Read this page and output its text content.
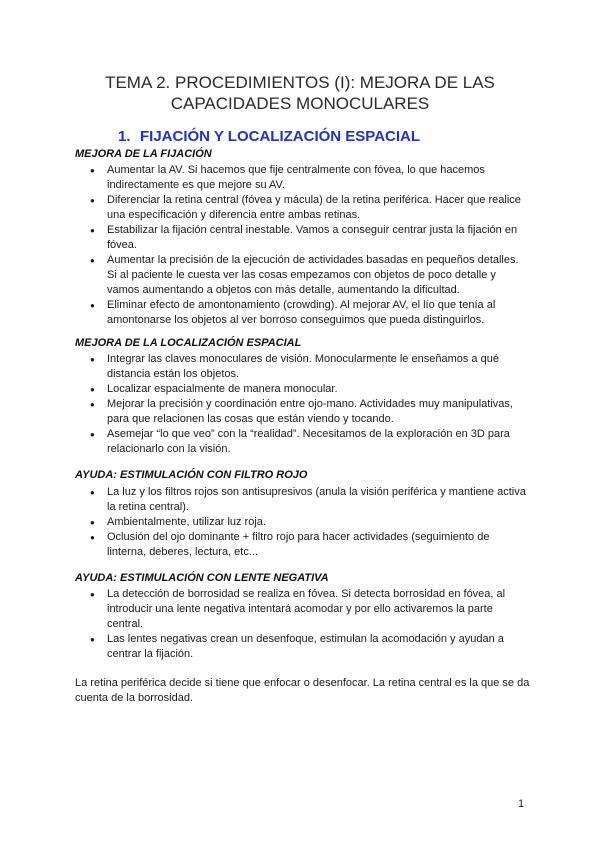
TEMA 2. PROCEDIMIENTOS (I): MEJORA DE LAS
CAPACIDADES MONOCULARES
1. FIJACIÓN Y LOCALIZACIÓN ESPACIAL
MEJORA DE LA FIJACIÓN
● Aumentar la AV. Si hacemos que fije centralmente con fóvea, lo que hacemos indirectamente es que mejore su AV.
● Diferenciar la retina central (fóvea y mácula) de la retina periférica. Hacer que realice una especificación y diferencia entre ambas retinas.
● Estabilizar la fijación central inestable. Vamos a conseguir centrar justa la fijación en fóvea.
● Aumentar la precisión de la ejecución de actividades basadas en pequeños detalles. Si al paciente le cuesta ver las cosas empezamos con objetos de poco detalle y vamos aumentando a objetos con más detalle, aumentando la dificultad.
● Eliminar efecto de amontonamiento (crowding). Al mejorar AV, el lío que tenía al amontonarse los objetos al ver borroso conseguimos que pueda distinguirlos.
MEJORA DE LA LOCALIZACIÓN ESPACIAL
● Integrar las claves monoculares de visión. Monocularmente le enseñamos a qué distancia están los objetos.
● Localizar espacialmente de manera monocular.
● Mejorar la precisión y coordinación entre ojo-mano. Actividades muy manipulativas, para que relacionen las cosas que están viendo y tocando.
● Asemejar “lo que veo” con la “realidad”. Necesitamos de la exploración en 3D para relacionarlo con la visión.
AYUDA: ESTIMULACIÓN CON FILTRO ROJO
● La luz y los filtros rojos son antisupresivos (anula la visión periférica y mantiene activa la retina central).
● Ambientalmente, utilizar luz roja.
● Oclusión del ojo dominante + filtro rojo para hacer actividades (seguimiento de linterna, deberes, lectura, etc...
AYUDA: ESTIMULACIÓN CON LENTE NEGATIVA
● La detección de borrosidad se realiza en fóvea. Si detecta borrosidad en fóvea, al introducir una lente negativa intentará acomodar y por ello activaremos la parte central.
● Las lentes negativas crean un desenfoque, estimulan la acomodación y ayudan a centrar la fijación.
La retina periférica decide si tiene que enfocar o desenfocar. La retina central es la que se da cuenta de la borrosidad.
1
